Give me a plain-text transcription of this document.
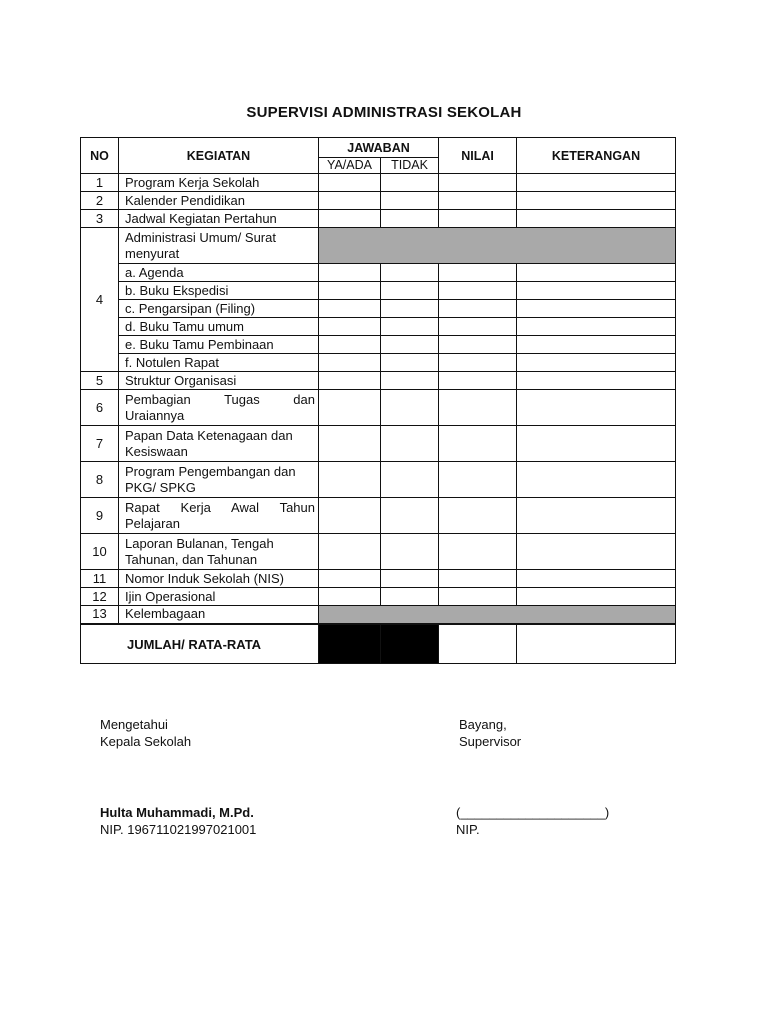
SUPERVISI ADMINISTRASI SEKOLAH
NO	KEGIATAN	JAWABAN		NILAI	KETERANGAN
		YA/ADA	TIDAK		
1	Program Kerja Sekolah				
2	Kalender Pendidikan				
3	Jadwal Kegiatan Pertahun				
4	Administrasi Umum/ Surat
menyurat				

	a. Agenda				
	b. Buku Ekspedisi				
	c. Pengarsipan (Filing)				
	d. Buku Tamu umum				
	e. Buku Tamu Pembinaan				
	f. Notulen Rapat				
5	Struktur Organisasi				
6	Pembagian Tugas dan
Uraiannya				

7	Papan Data Ketenagaan dan
Kesiswaan				

8	Program Pengembangan dan
PKG/ SPKG				

9	Rapat Kerja Awal Tahun
Pelajaran				

10	Laporan Bulanan, Tengah
Tahunan, dan Tahunan				

11	Nomor Induk Sekolah (NIS)				
12	Ijin Operasional				
13	Kelembagaan				
JUMLAH/ RATA-RATA					
Mengetahui
Kepala Sekolah
Bayang,
Supervisor
Hulta Muhammadi, M.Pd.
NIP. 196711021997021001
(____________________)
NIP.
